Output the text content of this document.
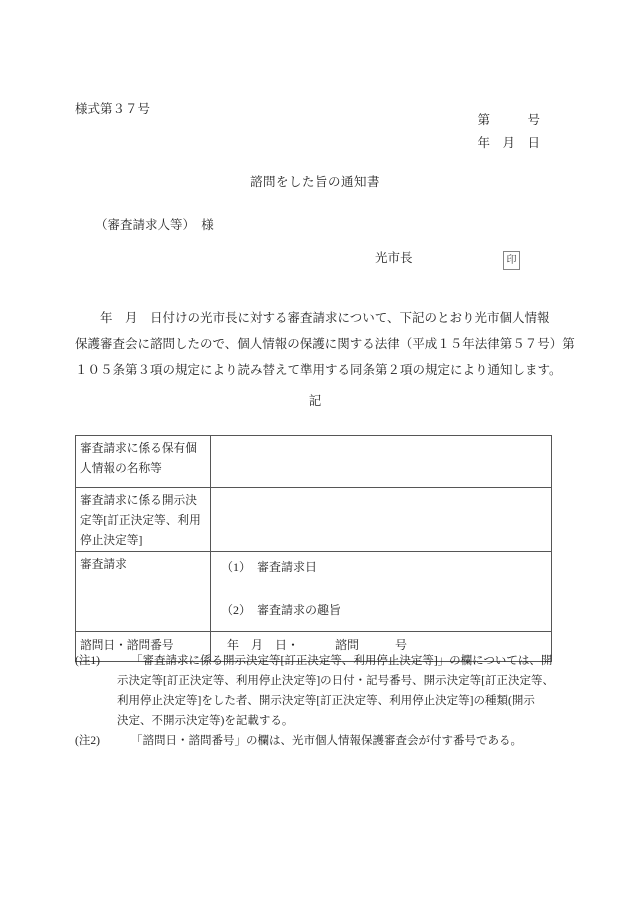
様式第３７号
第　　　号
年　月　日
諮問をした旨の通知書
（審査請求人等）　様
光市長	印
　　年　月　日付けの光市長に対する審査請求について、下記のとおり光市個人情報
保護審査会に諮問したので、個人情報の保護に関する法律（平成１５年法律第５７号）第
１０５条第３項の規定により読み替えて準用する同条第２項の規定により通知します。
記
審査請求に係る保有個人情報の名称等	
審査請求に係る開示決定等[訂正決定等、利用停止決定等]	
審査請求	（1）　審査請求日
（2）　審査請求の趣旨

諮問日・諮問番号	年　月　日・　　　諮問　　　号
(注1)	「審査請求に係る開示決定等[訂正決定等、利用停止決定等]」の欄については、開
示決定等[訂正決定等、利用停止決定等]の日付・記号番号、開示決定等[訂正決定等、
利用停止決定等]をした者、開示決定等[訂正決定等、利用停止決定等]の種類(開示
決定、不開示決定等)を記載する。
(注2)	「諮問日・諮問番号」の欄は、光市個人情報保護審査会が付す番号である。
